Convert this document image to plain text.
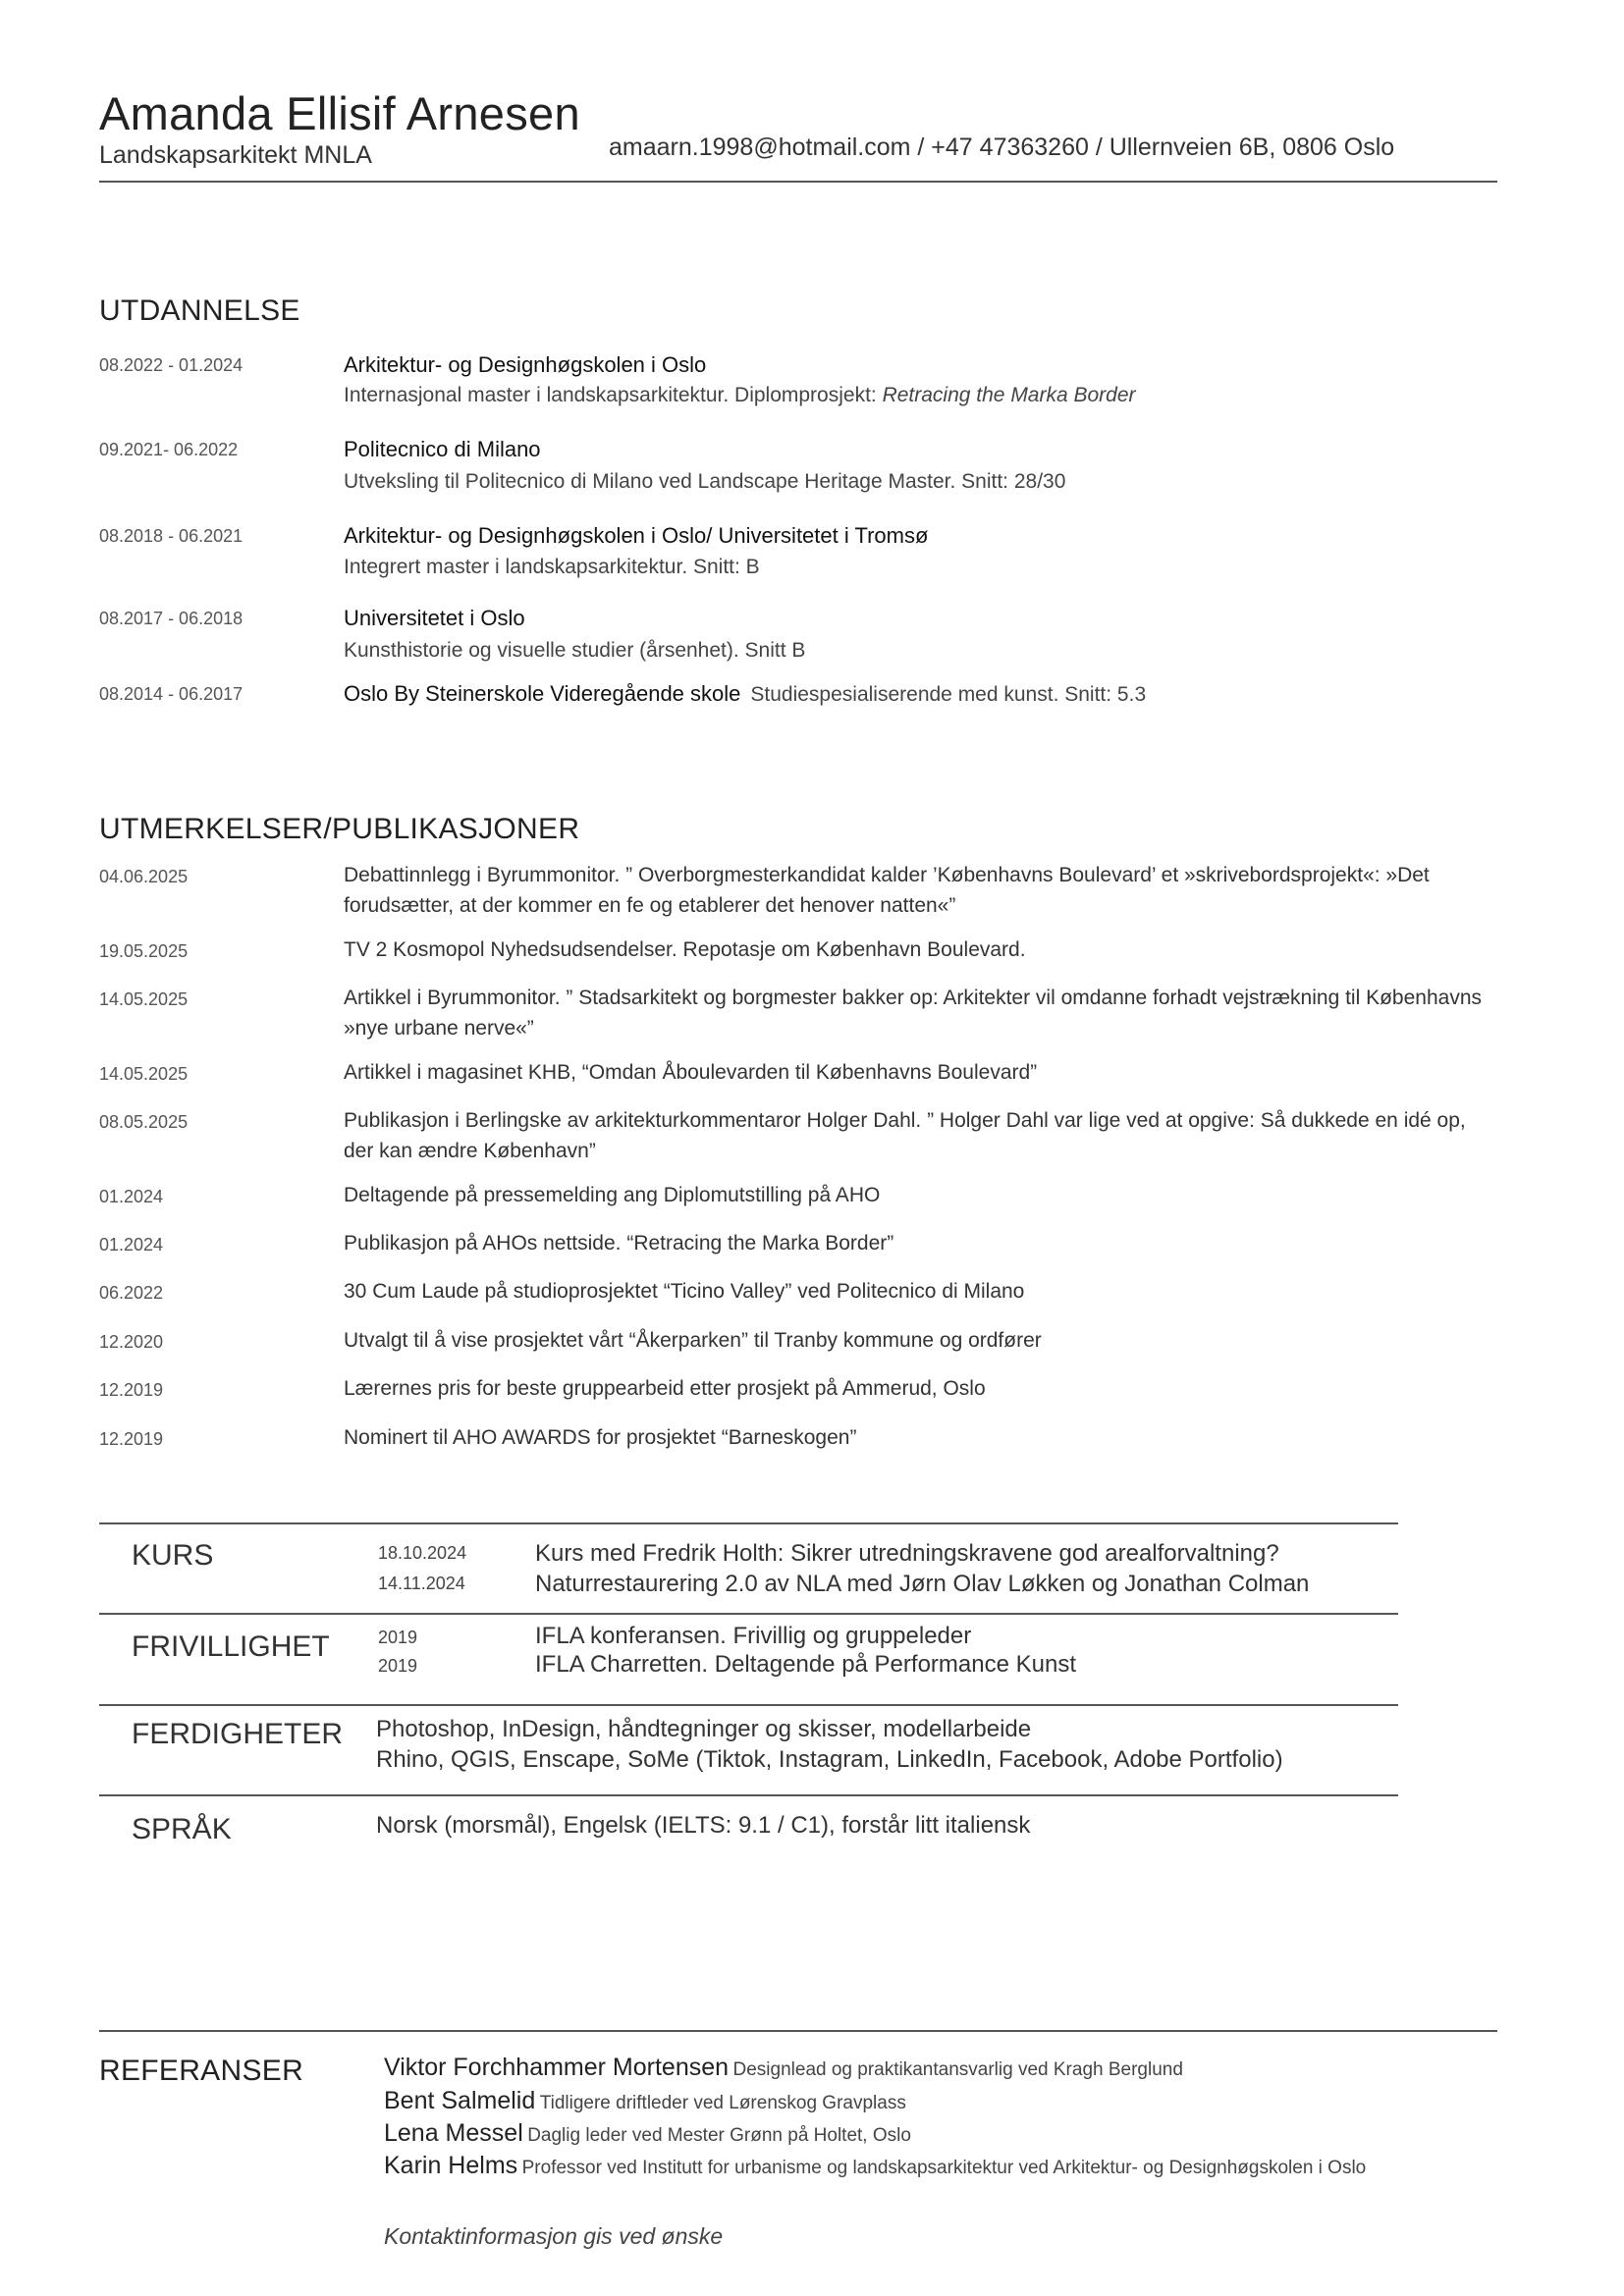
Amanda Ellisif Arnesen
Landskapsarkitekt MNLA	amaarn.1998@hotmail.com / +47 47363260 / Ullernveien 6B, 0806 Oslo
UTDANNELSE
08.2022 - 01.2024	Arkitektur- og Designhøgskolen i Oslo
Internasjonal master i landskapsarkitektur. Diplomprosjekt: Retracing the Marka Border
09.2021- 06.2022	Politecnico di Milano
Utveksling til Politecnico di Milano ved Landscape Heritage Master. Snitt: 28/30
08.2018 - 06.2021	Arkitektur- og Designhøgskolen i Oslo/ Universitetet i Tromsø
Integrert master i landskapsarkitektur. Snitt: B
08.2017 - 06.2018	Universitetet i Oslo
Kunsthistorie og visuelle studier (årsenhet). Snitt B
08.2014 - 06.2017	Oslo By Steinerskole Videregående skole Studiespesialiserende med kunst. Snitt: 5.3
UTMERKELSER/PUBLIKASJONER
04.06.2025	Debattinnlegg i Byrummonitor. ” Overborgmesterkandidat kalder ’Københavns Boulevard’ et »skrivebordsprojekt«: »Det forudsætter, at der kommer en fe og etablerer det henover natten«”
19.05.2025	TV 2 Kosmopol Nyhedsudsendelser. Repotasje om København Boulevard.
14.05.2025	Artikkel i Byrummonitor. ” Stadsarkitekt og borgmester bakker op: Arkitekter vil omdanne forhadt vejstrækning til Københavns »nye urbane nerve«”
14.05.2025	Artikkel i magasinet KHB, “Omdan Åboulevarden til Københavns Boulevard”
08.05.2025	Publikasjon i Berlingske av arkitekturkommentaror Holger Dahl. ” Holger Dahl var lige ved at opgive: Så dukkede en idé op, der kan ændre København”
01.2024	Deltagende på pressemelding ang Diplomutstilling på AHO
01.2024	Publikasjon på AHOs nettside. “Retracing the Marka Border”
06.2022	30 Cum Laude på studioprosjektet “Ticino Valley” ved Politecnico di Milano
12.2020	Utvalgt til å vise prosjektet vårt “Åkerparken” til Tranby kommune og ordfører
12.2019	Lærernes pris for beste gruppearbeid etter prosjekt på Ammerud, Oslo
12.2019	Nominert til AHO AWARDS for prosjektet “Barneskogen”
KURS	18.10.2024	Kurs med Fredrik Holth: Sikrer utredningskravene god arealforvaltning?
14.11.2024	Naturrestaurering 2.0 av NLA med Jørn Olav Løkken og Jonathan Colman
FRIVILLIGHET	2019	IFLA konferansen. Frivillig og gruppeleder
2019	IFLA Charretten. Deltagende på Performance Kunst
FERDIGHETER Photoshop, InDesign, håndtegninger og skisser, modellarbeide
Rhino, QGIS, Enscape, SoMe (Tiktok, Instagram, LinkedIn, Facebook, Adobe Portfolio)
SPRÅK	Norsk (morsmål), Engelsk (IELTS: 9.1 / C1), forstår litt italiensk
REFERANSER	Viktor Forchhammer Mortensen Designlead og praktikantansvarlig ved Kragh Berglund
Bent Salmelid Tidligere driftleder ved Lørenskog Gravplass
Lena Messel Daglig leder ved Mester Grønn på Holtet, Oslo
Karin Helms Professor ved Institutt for urbanisme og landskapsarkitektur ved Arkitektur- og Designhøgskolen i Oslo
Kontaktinformasjon gis ved ønske
